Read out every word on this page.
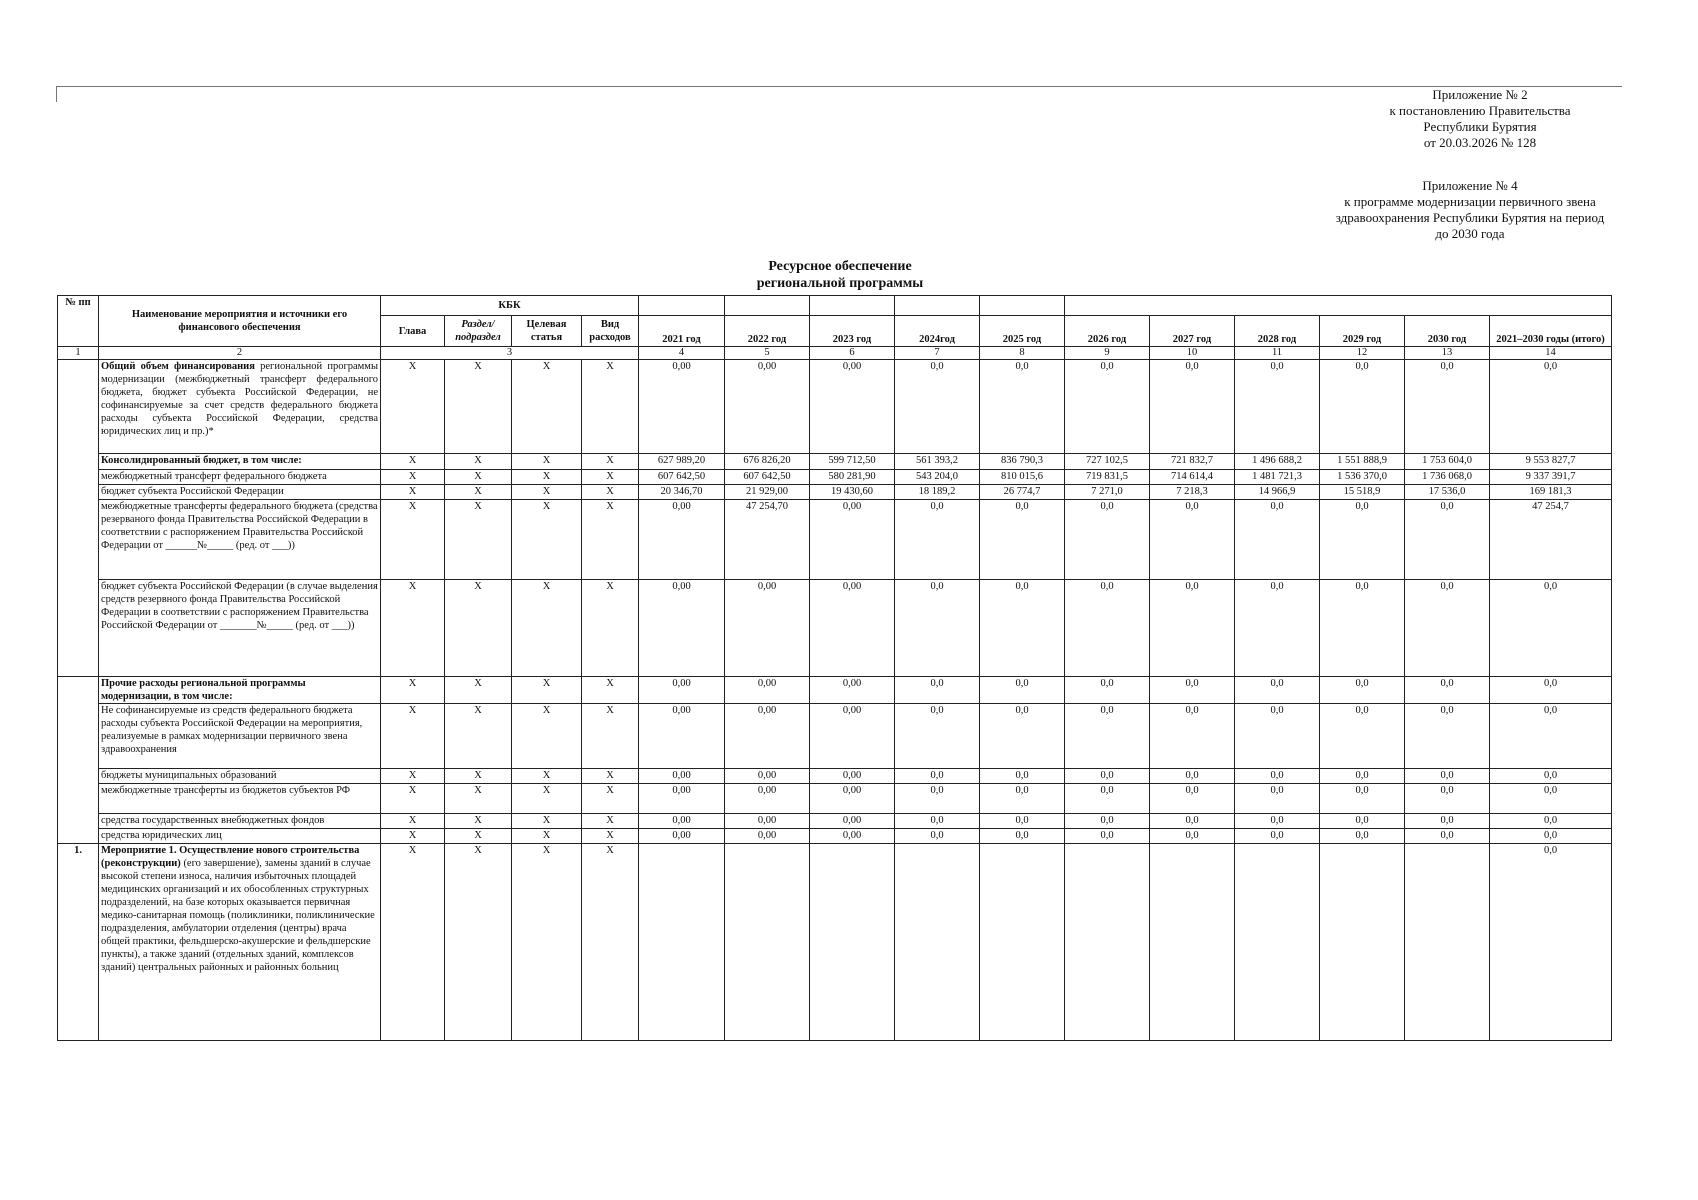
Приложение № 2
к постановлению Правительства
Республики Бурятия
от 20.03.2026 № 128
Приложение № 4
к программе модернизации первичного звена
здравоохранения Республики Бурятия на период
до 2030 года
Ресурсное обеспечение
региональной программы
№ пп	Наименование мероприятия и источники его финансового обеспечения	КБК														
		Глава	Раздел/ подраздел	Целевая статья	Вид расходов	2021 год	2022 год	2023 год	2024год	2025 год	2026 год	2027 год	2028 год	2029 год	2030 год	2021–2030 годы (итого)
1	2	3				4	5	6	7	8	9	10	11	12	13	14
	Общий объем финансирования региональной программы модернизации (межбюджетный трансферт федерального бюджета, бюджет субъекта Российской Федерации, не софинансируемые за счет средств федерального бюджета расходы субъекта Российской Федерации, средства юридических лиц и пр.)*	X	X	X	X	0,00	0,00	0,00	0,0	0,0	0,0	0,0	0,0	0,0	0,0	0,0
	Консолидированный бюджет, в том числе:	X	X	X	X	627 989,20	676 826,20	599 712,50	561 393,2	836 790,3	727 102,5	721 832,7	1 496 688,2	1 551 888,9	1 753 604,0	9 553 827,7
	межбюджетный трансферт федерального бюджета	X	X	X	X	607 642,50	607 642,50	580 281,90	543 204,0	810 015,6	719 831,5	714 614,4	1 481 721,3	1 536 370,0	1 736 068,0	9 337 391,7
	бюджет субъекта Российской Федерации	X	X	X	X	20 346,70	21 929,00	19 430,60	18 189,2	26 774,7	7 271,0	7 218,3	14 966,9	15 518,9	17 536,0	169 181,3
	межбюджетные трансферты федерального бюджета (средства резерваного фонда Правительства Российской Федерации в соответствии с распоряжением Правительства Российской Федерации от ______№_____ (ред. от ___))	X	X	X	X	0,00	47 254,70	0,00	0,0	0,0	0,0	0,0	0,0	0,0	0,0	47 254,7
	бюджет субъекта Российской Федерации (в случае выделения средств резервного фонда Правительства Российской Федерации в соответствии с распоряжением Правительства Российской Федерации от _______№_____ (ред. от ___))	X	X	X	X	0,00	0,00	0,00	0,0	0,0	0,0	0,0	0,0	0,0	0,0	0,0
	Прочие расходы региональной программы модернизации, в том числе:	X	X	X	X	0,00	0,00	0,00	0,0	0,0	0,0	0,0	0,0	0,0	0,0	0,0
	Не софинансируемые из средств федерального бюджета расходы субъекта Российской Федерации на мероприятия, реализуемые в рамках модернизации первичного звена здравоохранения	X	X	X	X	0,00	0,00	0,00	0,0	0,0	0,0	0,0	0,0	0,0	0,0	0,0
	бюджеты муниципальных образований	X	X	X	X	0,00	0,00	0,00	0,0	0,0	0,0	0,0	0,0	0,0	0,0	0,0
	межбюджетные трансферты из бюджетов субъектов РФ	X	X	X	X	0,00	0,00	0,00	0,0	0,0	0,0	0,0	0,0	0,0	0,0	0,0
	средства государственных внебюджетных фондов	X	X	X	X	0,00	0,00	0,00	0,0	0,0	0,0	0,0	0,0	0,0	0,0	0,0
	средства юридических лиц	X	X	X	X	0,00	0,00	0,00	0,0	0,0	0,0	0,0	0,0	0,0	0,0	0,0
1.	Мероприятие 1. Осуществление нового строительства (реконструкции) (его завершение), замены зданий в случае высокой степени износа, наличия избыточных площадей медицинских организаций и их обособленных структурных подразделений, на базе которых оказывается первичная медико-санитарная помощь (поликлиники, поликлинические подразделения, амбулатории отделения (центры) врача общей практики, фельдшерско-акушерские и фельдшерские пункты), а также зданий (отдельных зданий, комплексов зданий) центральных районных и районных больниц	X	X	X	X											0,0
